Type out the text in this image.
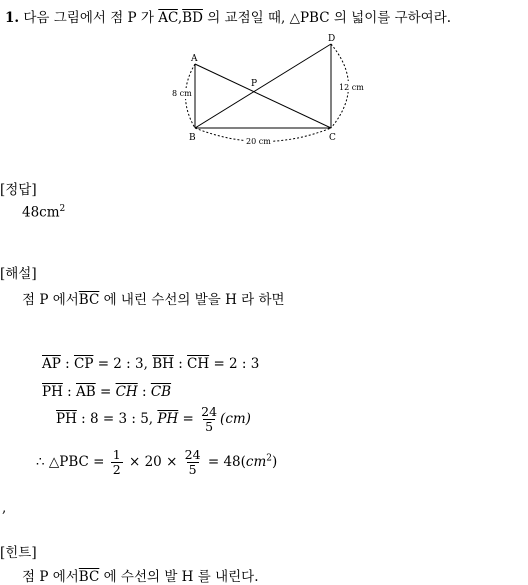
1. 다음 그림에서 점 P 가 $\overline{AC},\overline{BD}$ 의 교점일 때, △PBC 의 넓이를 구하여라.
A
B	C
D
P
8 cm
12 cm
20 cm
[정답]
$48cm^2$
[해설]
점 P 에서$\overline{BC}$ 에 내린 수선의 발을 H 라 하면
$\overline{AP}$ : $\overline{CP} = 2$ : 3, $\overline{BH}$ : $\overline{CH} = 2$ : 3
$\overline{PH}$ : $\overline{AB} = \overline{CH}$ : $\overline{CB}$
$\overline{PH}$ : 8 = 3 : 5, $\overline{PH} = \frac{24}{5} (cm)$
∴ △PBC = $\frac{1}{2} \times 20 \times \frac{24}{5} = 48(cm^2)$
,
[힌트]
점 P 에서$\overline{BC}$ 에 수선의 발 H 를 내린다.
